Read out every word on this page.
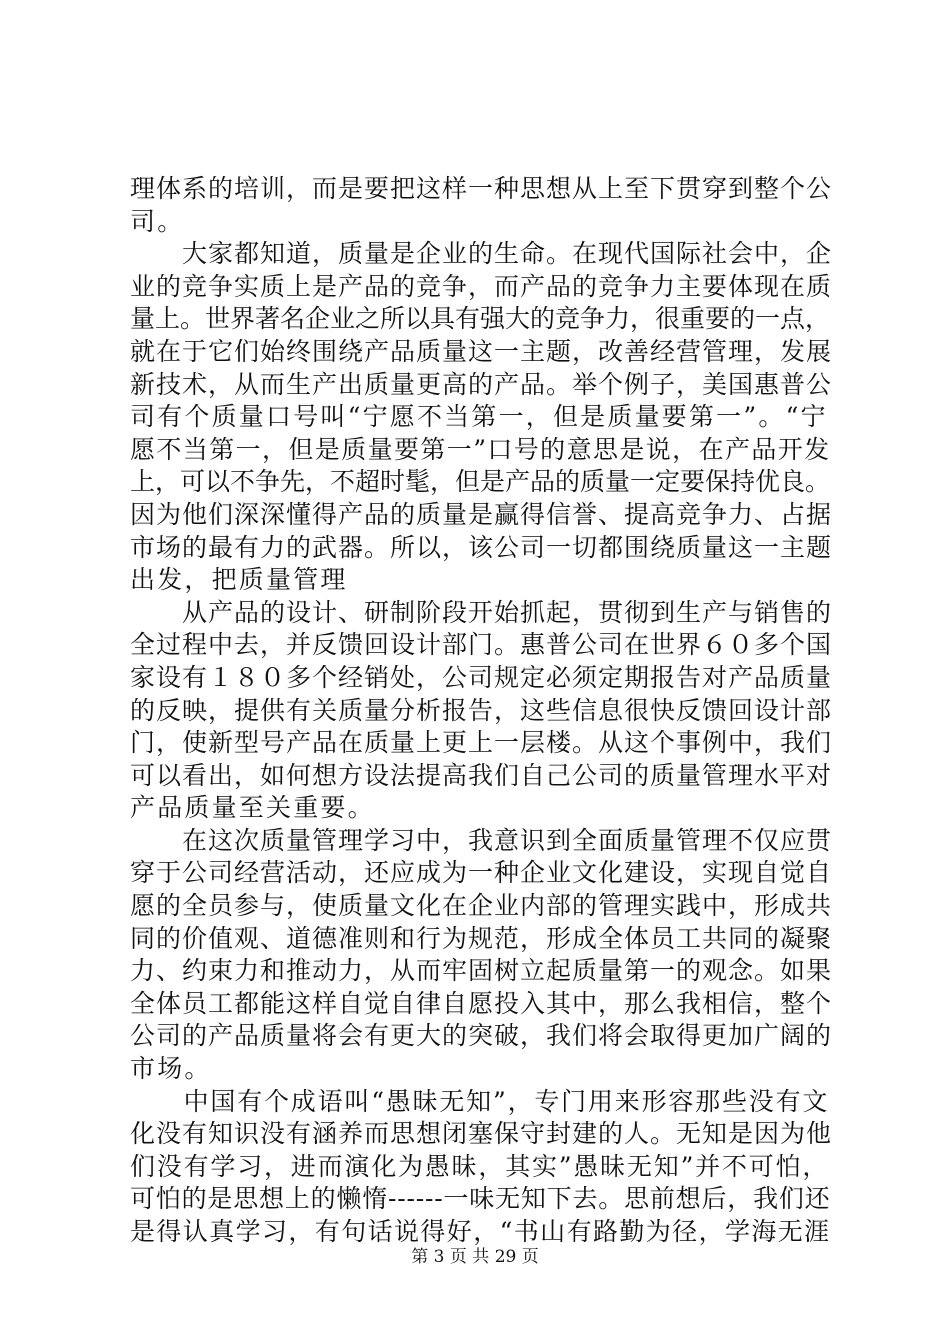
理体系的培训，而是要把这样一种思想从上至下贯穿到整个公
司。
　　大家都知道，质量是企业的生命。在现代国际社会中，企
业的竞争实质上是产品的竞争，而产品的竞争力主要体现在质
量上。世界著名企业之所以具有强大的竞争力，很重要的一点，
就在于它们始终围绕产品质量这一主题，改善经营管理，发展
新技术，从而生产出质量更高的产品。举个例子，美国惠普公
司有个质量口号叫“宁愿不当第一，但是质量要第一”。“宁
愿不当第一，但是质量要第一”口号的意思是说，在产品开发
上，可以不争先，不超时髦，但是产品的质量一定要保持优良。
因为他们深深懂得产品的质量是赢得信誉、提高竞争力、占据
市场的最有力的武器。所以，该公司一切都围绕质量这一主题
出发，把质量管理
　　从产品的设计、研制阶段开始抓起，贯彻到生产与销售的
全过程中去，并反馈回设计部门。惠普公司在世界６０多个国
家设有１８０多个经销处，公司规定必须定期报告对产品质量
的反映，提供有关质量分析报告，这些信息很快反馈回设计部
门，使新型号产品在质量上更上一层楼。从这个事例中，我们
可以看出，如何想方设法提高我们自己公司的质量管理水平对
产品质量至关重要。
　　在这次质量管理学习中，我意识到全面质量管理不仅应贯
穿于公司经营活动，还应成为一种企业文化建设，实现自觉自
愿的全员参与，使质量文化在企业内部的管理实践中，形成共
同的价值观、道德准则和行为规范，形成全体员工共同的凝聚
力、约束力和推动力，从而牢固树立起质量第一的观念。如果
全体员工都能这样自觉自律自愿投入其中，那么我相信，整个
公司的产品质量将会有更大的突破，我们将会取得更加广阔的
市场。
　　中国有个成语叫“愚昧无知”，专门用来形容那些没有文
化没有知识没有涵养而思想闭塞保守封建的人。无知是因为他
们没有学习，进而演化为愚昧，其实”愚昧无知”并不可怕，
可怕的是思想上的懒惰------一味无知下去。思前想后，我们还
是得认真学习，有句话说得好，“书山有路勤为径，学海无涯
第 3 页 共 29 页
